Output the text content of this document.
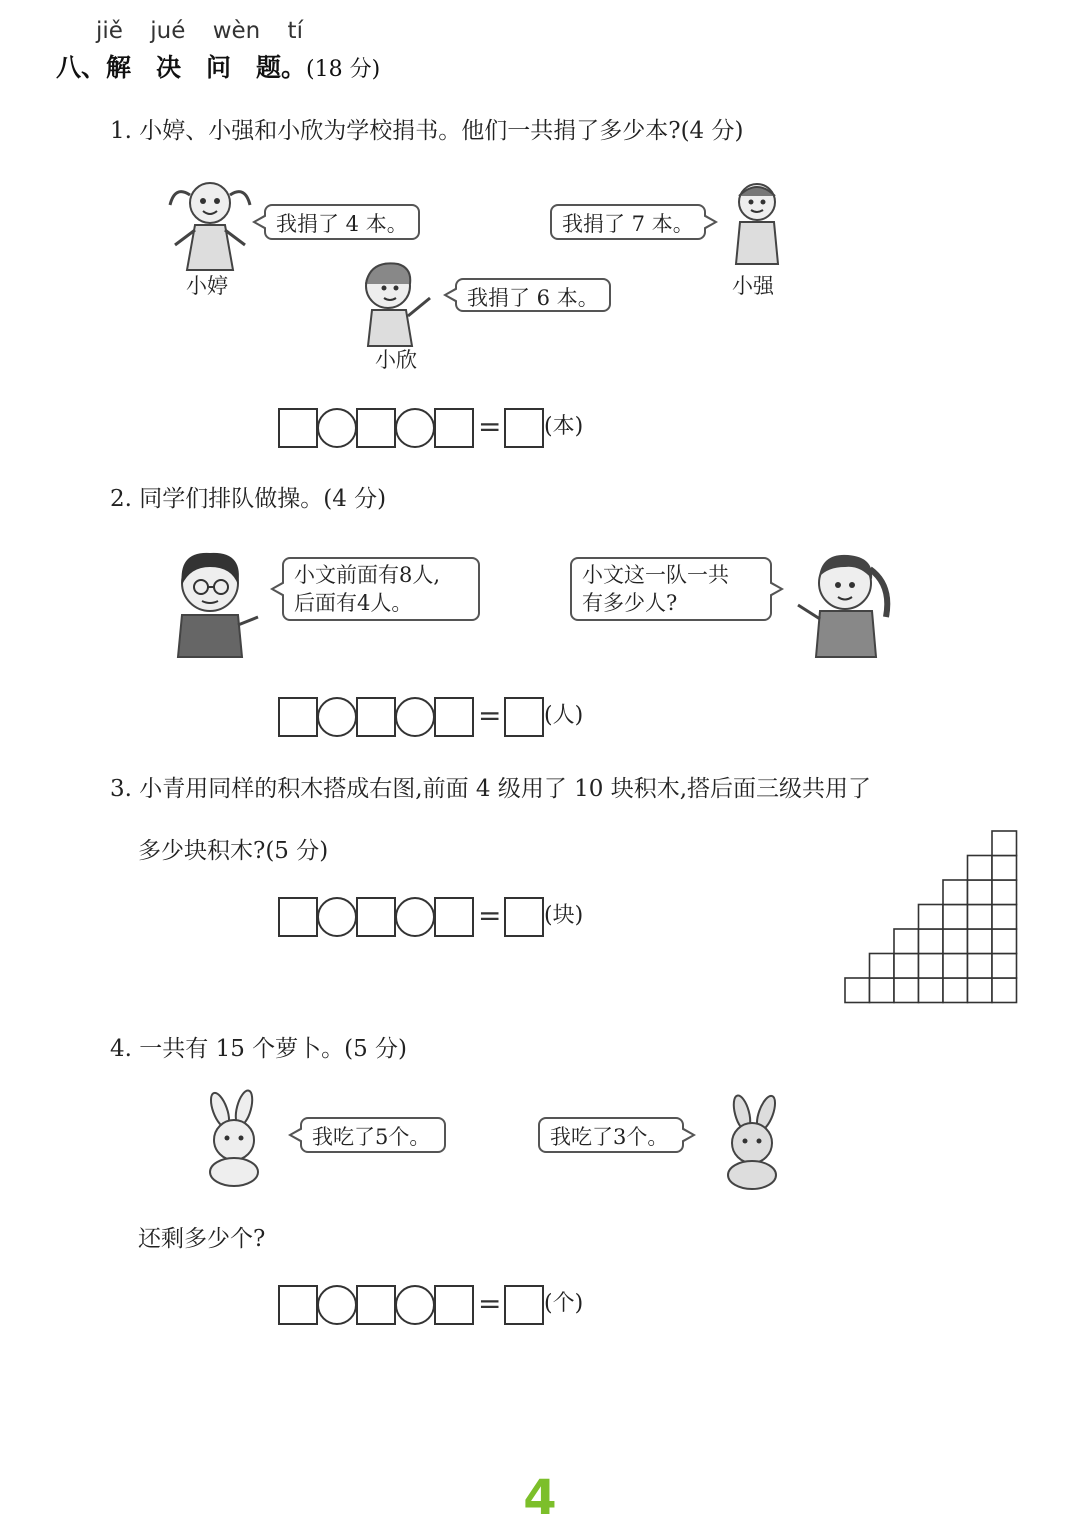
jiě jué wèn tí
八、解　决　问　题。(18 分)
1. 小婷、小强和小欣为学校捐书。他们一共捐了多少本?(4 分)
小婷
我捐了 4 本。	我捐了 7 本。
小强
小欣
我捐了 6 本。
= (本)
2. 同学们排队做操。(4 分)
小文前面有8人,
后面有4人。
小文这一队一共
有多少人?
= (人)
3. 小青用同样的积木搭成右图,前面 4 级用了 10 块积木,搭后面三级共用了
多少块积木?(5 分)
= (块)
4. 一共有 15 个萝卜。(5 分)
我吃了5个。	我吃了3个。
还剩多少个?
= (个)
4
